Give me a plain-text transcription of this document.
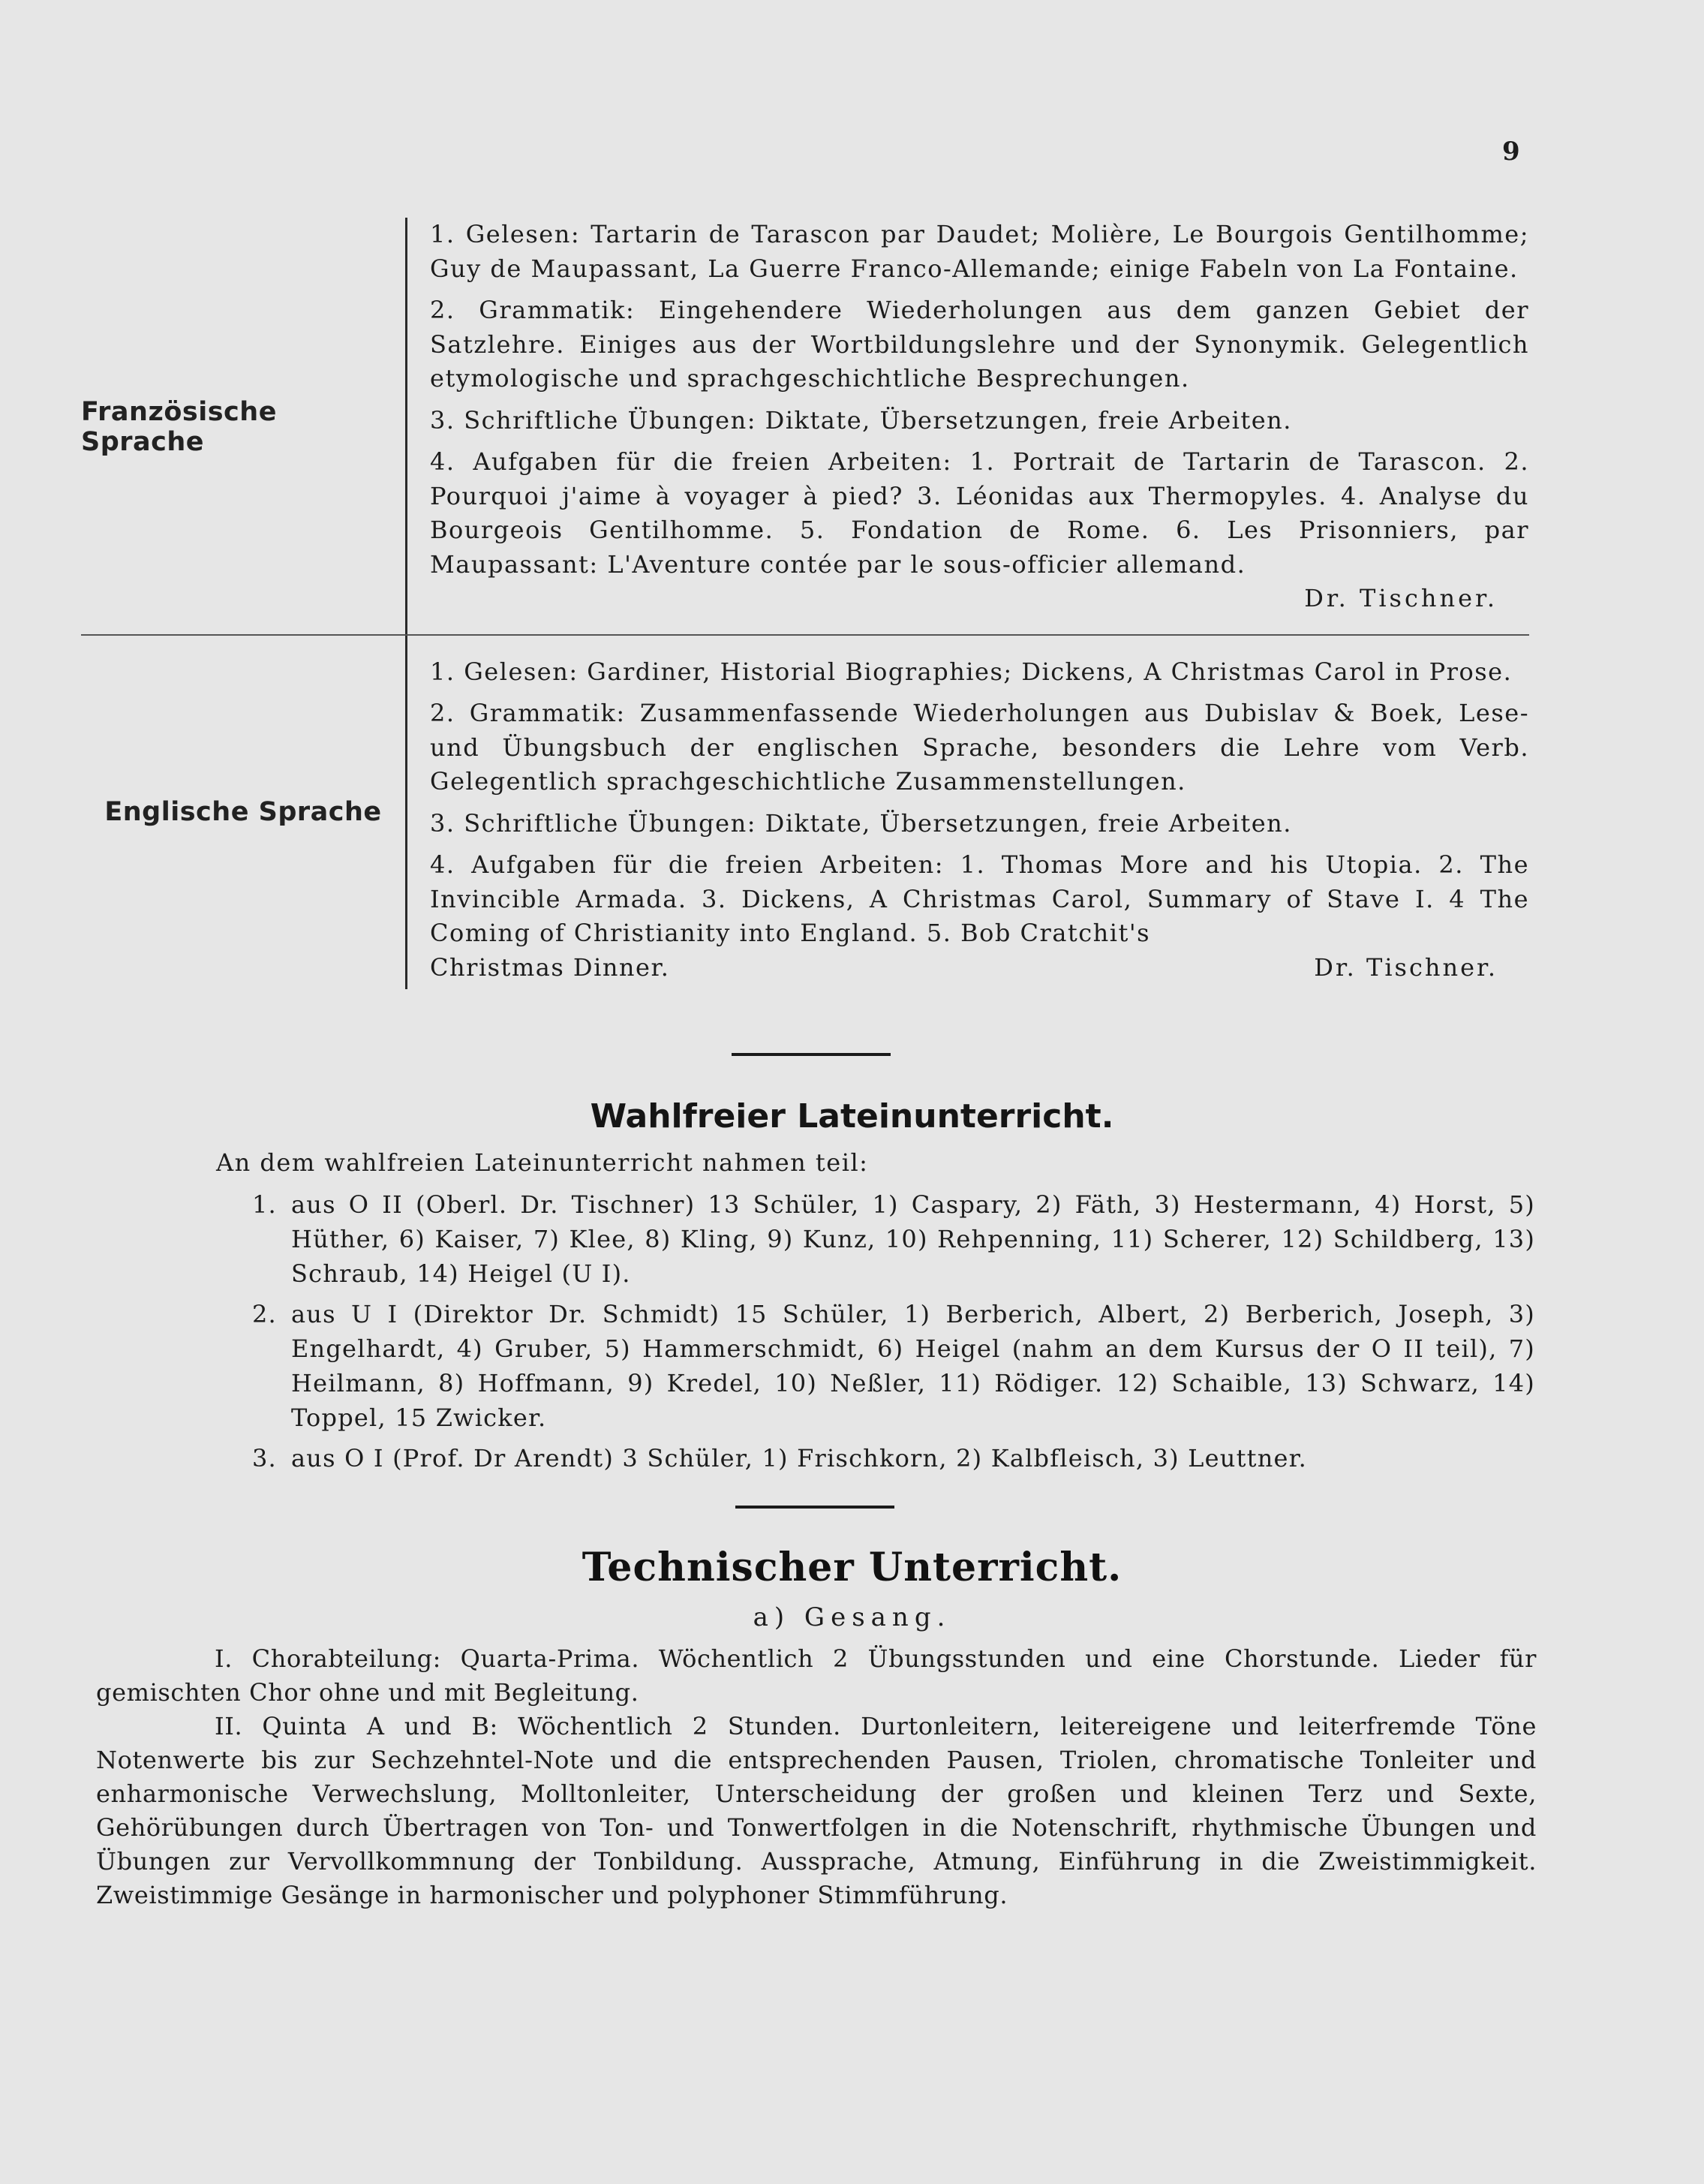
9
Französische Sprache

1. Gelesen: Tartarin de Tarascon par Daudet; Molière, Le Bourgois Gentilhomme; Guy de Maupassant, La Guerre Franco-Allemande; einige Fabeln von La Fontaine.

2. Grammatik: Eingehendere Wiederholungen aus dem ganzen Gebiet der Satzlehre. Einiges aus der Wortbildungslehre und der Synonymik. Gelegentlich etymologische und sprachgeschichtliche Besprechungen.

3. Schriftliche Übungen: Diktate, Übersetzungen, freie Arbeiten.

4. Aufgaben für die freien Arbeiten: 1. Portrait de Tartarin de Tarascon. 2. Pourquoi j'aime à voyager à pied? 3. Léonidas aux Thermopyles. 4. Analyse du Bourgeois Gentilhomme. 5. Fondation de Rome. 6. Les Prisonniers, par Maupassant: L'Aventure contée par le sous-officier allemand.

Dr. Tischner.
Englische Sprache

1. Gelesen: Gardiner, Historial Biographies; Dickens, A Christmas Carol in Prose.

2. Grammatik: Zusammenfassende Wiederholungen aus Dubislav & Boek, Lese- und Übungsbuch der englischen Sprache, besonders die Lehre vom Verb. Gelegentlich sprachgeschichtliche Zusammenstellungen.

3. Schriftliche Übungen: Diktate, Übersetzungen, freie Arbeiten.

4. Aufgaben für die freien Arbeiten: 1. Thomas More and his Utopia. 2. The Invincible Armada. 3. Dickens, A Christmas Carol, Summary of Stave I. 4 The Coming of Christianity into England. 5. Bob Cratchit's

Christmas Dinner.	Dr. Tischner.
Wahlfreier Lateinunterricht.
An dem wahlfreien Lateinunterricht nahmen teil:
1. aus O II (Oberl. Dr. Tischner) 13 Schüler, 1) Caspary, 2) Fäth, 3) Hestermann, 4) Horst, 5) Hüther, 6) Kaiser, 7) Klee, 8) Kling, 9) Kunz, 10) Rehpenning, 11) Scherer, 12) Schildberg, 13) Schraub, 14) Heigel (U I).
2. aus U I (Direktor Dr. Schmidt) 15 Schüler, 1) Berberich, Albert, 2) Berberich, Joseph, 3) Engelhardt, 4) Gruber, 5) Hammerschmidt, 6) Heigel (nahm an dem Kursus der O II teil), 7) Heilmann, 8) Hoffmann, 9) Kredel, 10) Neßler, 11) Rödiger. 12) Schaible, 13) Schwarz, 14) Toppel, 15 Zwicker.
3. aus O I (Prof. Dr Arendt) 3 Schüler, 1) Frischkorn, 2) Kalbfleisch, 3) Leuttner.
Technischer Unterricht.
a) Gesang.

I. Chorabteilung: Quarta-Prima. Wöchentlich 2 Übungsstunden und eine Chorstunde. Lieder für gemischten Chor ohne und mit Begleitung.

II. Quinta A und B: Wöchentlich 2 Stunden. Durtonleitern, leitereigene und leiterfremde Töne Notenwerte bis zur Sechzehntel-Note und die entsprechenden Pausen, Triolen, chromatische Tonleiter und enharmonische Verwechslung, Molltonleiter, Unterscheidung der großen und kleinen Terz und Sexte, Gehörübungen durch Übertragen von Ton- und Tonwertfolgen in die Notenschrift, rhythmische Übungen und Übungen zur Vervollkommnung der Tonbildung. Aussprache, Atmung, Einführung in die Zweistimmigkeit. Zweistimmige Gesänge in harmonischer und polyphoner Stimmführung.
